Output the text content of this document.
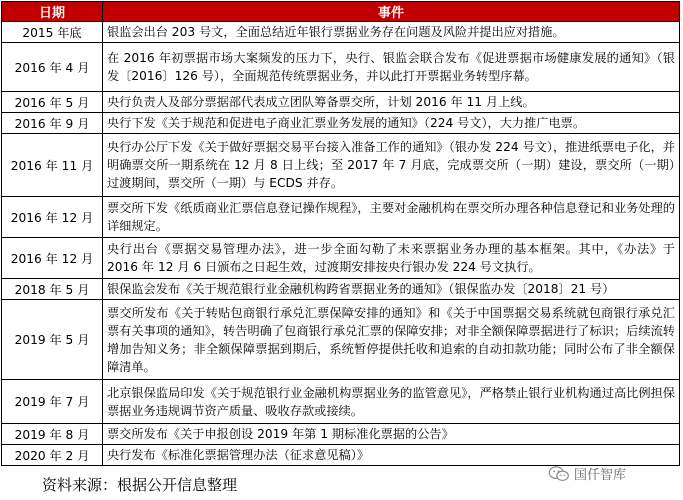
日期	事件
2015 年底	银监会出台 203 号文，全面总结近年银行票据业务存在问题及风险并提出应对措施。
2016 年 4 月	在 2016 年初票据市场大案频发的压力下，央行、银监会联合发布《促进票据市场健康发展的通知》（银发〔2016〕126 号），全面规范传统票据业务，并以此打开票据业务转型序幕。
2016 年 5 月	央行负责人及部分票据部代表成立团队筹备票交所，计划 2016 年 11 月上线。
2016 年 9 月	央行下发《关于规范和促进电子商业汇票业务发展的通知》（224 号文），大力推广电票。
2016 年 11 月	央行办公厅下发《关于做好票据交易平台接入准备工作的通知》（银办发 224 号文），推进纸票电子化，并明确票交所一期系统在 12 月 8 日上线；至 2017 年 7 月底，完成票交所（一期）建设，票交所（一期）过渡期间，票交所（一期）与 ECDS 并存。
2016 年 12 月	票交所下发《纸质商业汇票信息登记操作规程》，主要对金融机构在票交所办理各种信息登记和业务处理的详细规定。
2016 年 12 月	央行出台《票据交易管理办法》，进一步全面勾勒了未来票据业务办理的基本框架。其中，《办法》于 2016 年 12 月 6 日颁布之日起生效，过渡期安排按央行银办发 224 号文执行。
2018 年 5 月	银保监会发布《关于规范银行业金融机构跨省票据业务的通知》（银保监办发〔2018〕21 号）
2019 年 5 月	票交所发布《关于转贴包商银行承兑汇票保障安排的通知》和《关于中国票据交易系统就包商银行承兑汇票有关事项的通知》，转告明确了包商银行承兑汇票的保障安排；对非全额保障票据进行了标识；后续流转增加告知义务；非全额保障票据到期后，系统暂停提供托收和追索的自动扣款功能；同时公布了非全额保障清单。
2019 年 7 月	北京银保监局印发《关于规范银行业金融机构票据业务的监管意见》，严格禁止银行业机构通过高比例担保票据业务违规调节资产质量、吸收存款或接续。
2019 年 8 月	票交所发布《关于申报创设 2019 年第 1 期标准化票据的公告》
2020 年 2 月	央行发布《标准化票据管理办法（征求意见稿）》
资料来源：根据公开信息整理
国仟智库
